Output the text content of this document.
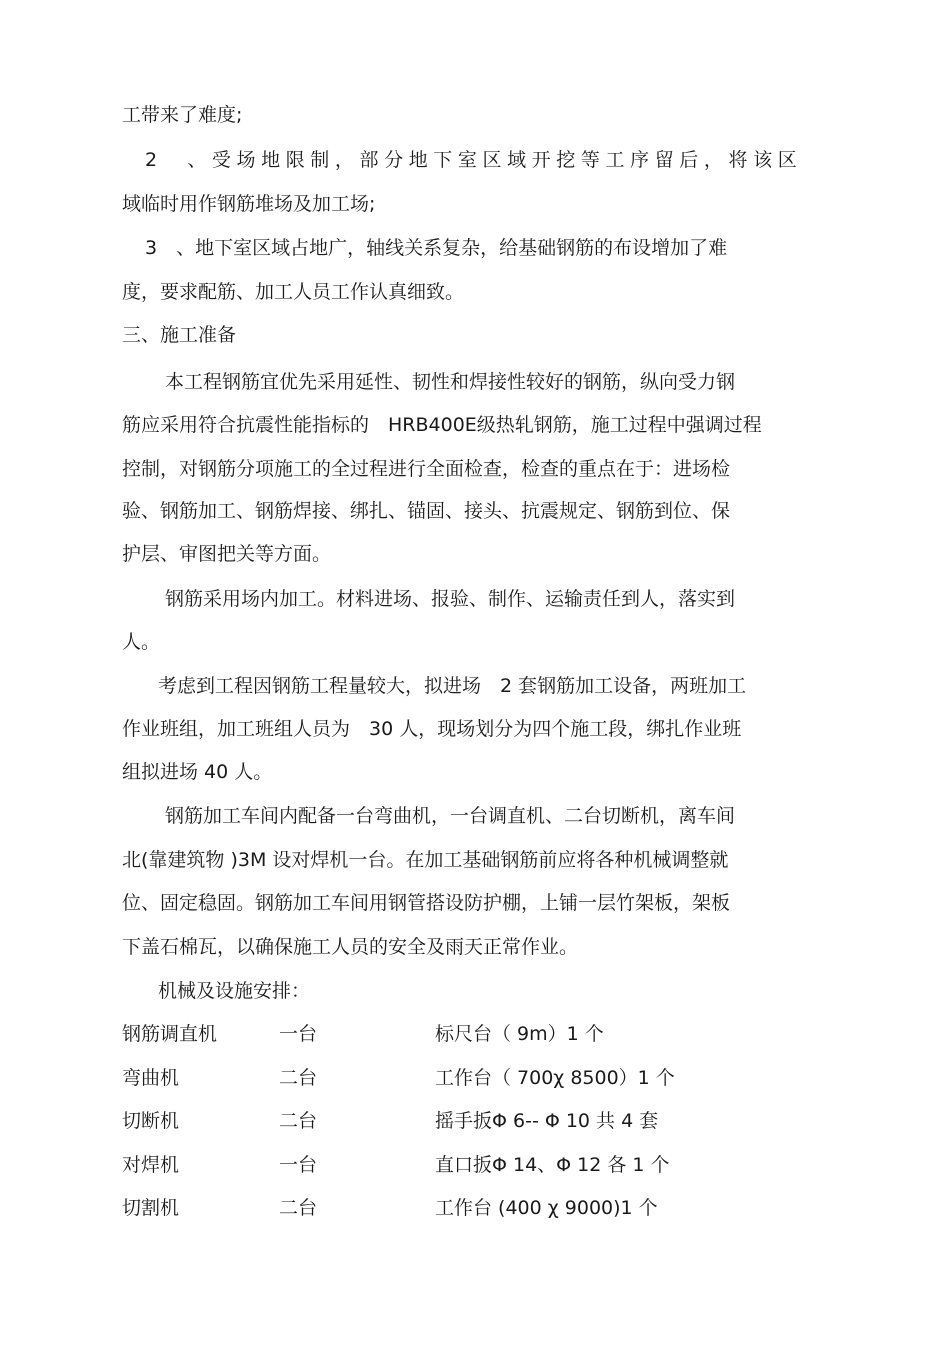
工带来了难度;
2　、受场地限制，部分地下室区域开挖等工序留后，将该区
域临时用作钢筋堆场及加工场;
3　、地下室区域占地广，轴线关系复杂，给基础钢筋的布设增加了难
度，要求配筋、加工人员工作认真细致。
三、施工准备
本工程钢筋宜优先采用延性、韧性和焊接性较好的钢筋，纵向受力钢
筋应采用符合抗震性能指标的　HRB400E级热轧钢筋，施工过程中强调过程
控制，对钢筋分项施工的全过程进行全面检查，检查的重点在于：进场检
验、钢筋加工、钢筋焊接、绑扎、锚固、接头、抗震规定、钢筋到位、保
护层、审图把关等方面。
钢筋采用场内加工。材料进场、报验、制作、运输责任到人，落实到
人。
考虑到工程因钢筋工程量较大，拟进场　2 套钢筋加工设备，两班加工
作业班组，加工班组人员为　30 人，现场划分为四个施工段，绑扎作业班
组拟进场 40 人。
钢筋加工车间内配备一台弯曲机，一台调直机、二台切断机，离车间
北(靠建筑物 )3M 设对焊机一台。在加工基础钢筋前应将各种机械调整就
位、固定稳固。钢筋加工车间用钢管搭设防护棚，上铺一层竹架板，架板
下盖石棉瓦，以确保施工人员的安全及雨天正常作业。
机械及设施安排：
钢筋调直机	一台	标尺台（ 9m）1 个
弯曲机	二台	工作台（ 700χ 8500）1 个
切断机	二台	摇手扳Φ 6-- Φ 10 共 4 套
对焊机	一台	直口扳Φ 14、Φ 12 各 1 个
切割机	二台	工作台 (400 χ 9000)1 个
